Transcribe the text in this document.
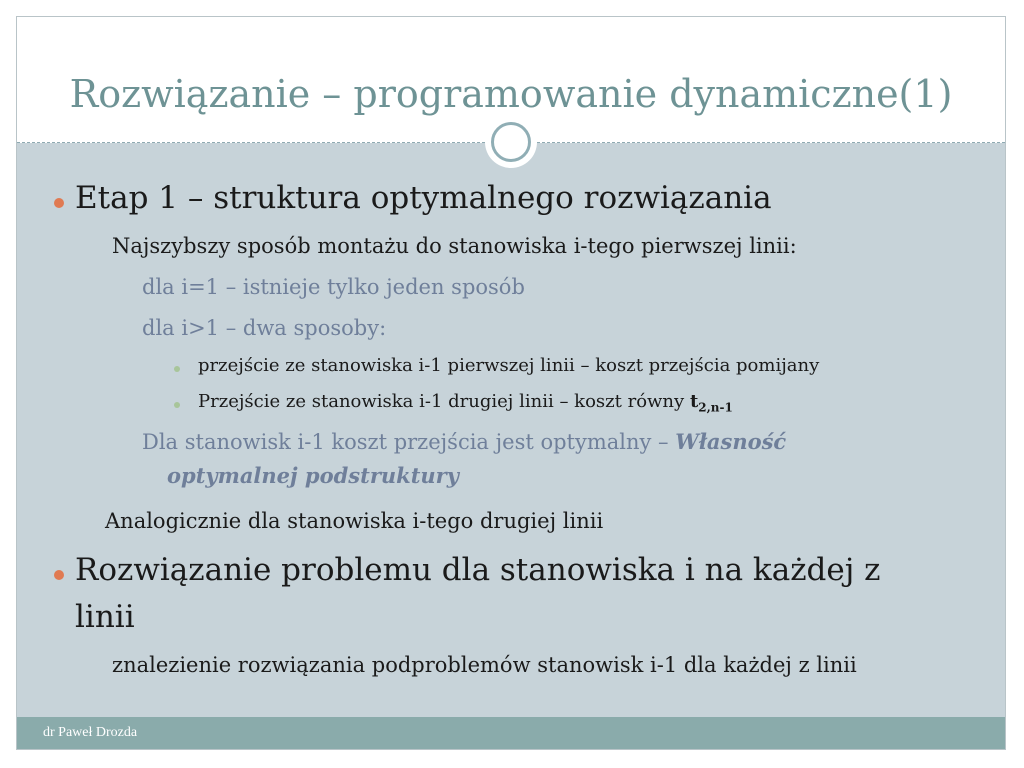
Rozwiązanie – programowanie dynamiczne(1)
Etap 1 – struktura optymalnego rozwiązania
Najszybszy sposób montażu do stanowiska i-tego pierwszej linii:
dla i=1 – istnieje tylko jeden sposób
dla i>1 – dwa sposoby:
przejście ze stanowiska i-1 pierwszej linii – koszt przejścia pomijany
Przejście ze stanowiska i-1 drugiej linii – koszt równy $t_{2,n-1}$
Dla stanowisk i-1 koszt przejścia jest optymalny – Własność
optymalnej podstruktury
Analogicznie dla stanowiska i-tego drugiej linii
Rozwiązanie problemu dla stanowiska i na każdej z
linii
znalezienie rozwiązania podproblemów stanowisk i-1 dla każdej z linii
dr Paweł Drozda
